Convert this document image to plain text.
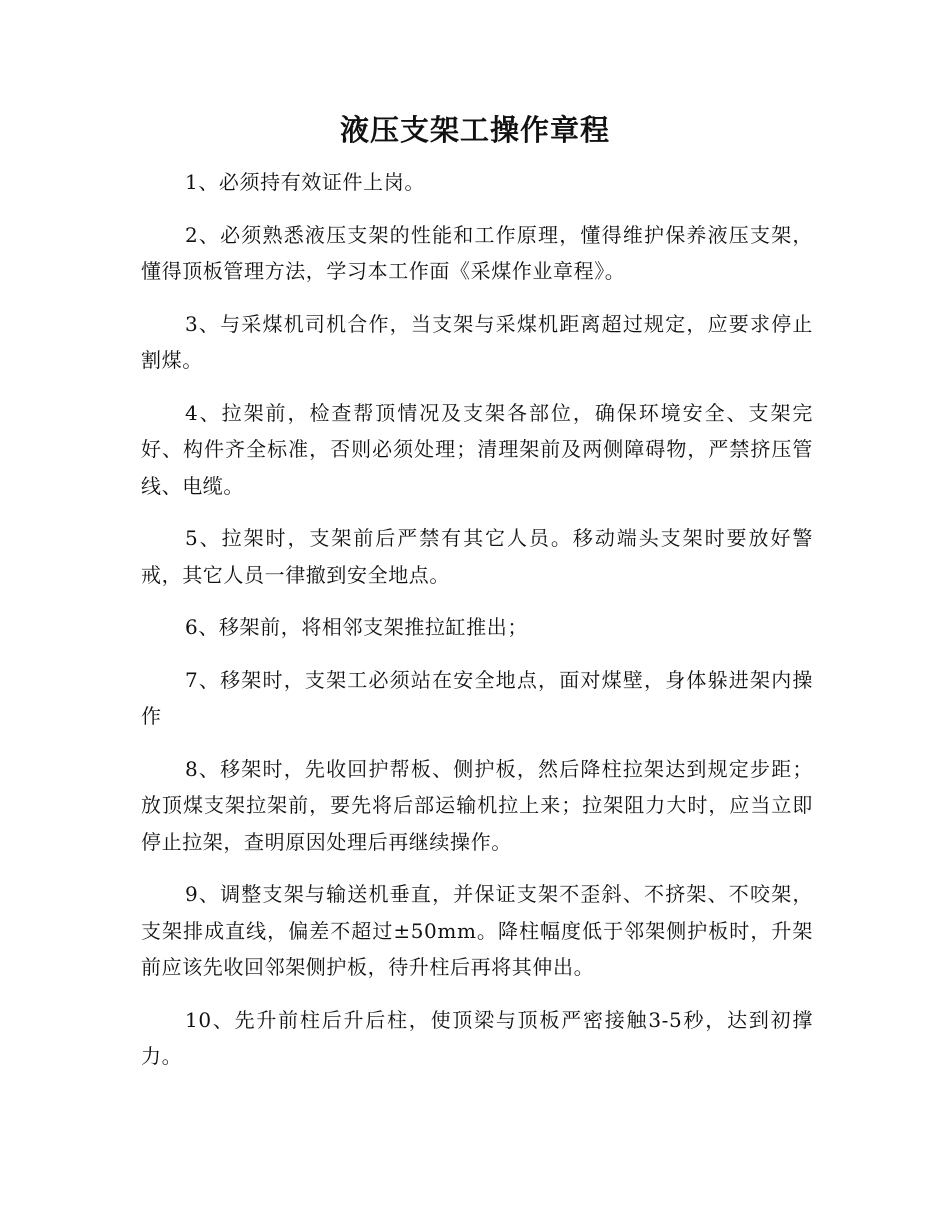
液压支架工操作章程

1、必须持有效证件上岗。

2、必须熟悉液压支架的性能和工作原理，懂得维护保养液压支架，懂得顶板管理方法，学习本工作面《采煤作业章程》。

3、与采煤机司机合作，当支架与采煤机距离超过规定，应要求停止割煤。

4、拉架前，检查帮顶情况及支架各部位，确保环境安全、支架完好、构件齐全标准，否则必须处理；清理架前及两侧障碍物，严禁挤压管线、电缆。

5、拉架时，支架前后严禁有其它人员。移动端头支架时要放好警戒，其它人员一律撤到安全地点。

6、移架前，将相邻支架推拉缸推出；

7、移架时，支架工必须站在安全地点，面对煤壁，身体躲进架内操作

8、移架时，先收回护帮板、侧护板，然后降柱拉架达到规定步距；放顶煤支架拉架前，要先将后部运输机拉上来；拉架阻力大时，应当立即停止拉架，查明原因处理后再继续操作。

9、调整支架与输送机垂直，并保证支架不歪斜、不挤架、不咬架，支架排成直线，偏差不超过±50mm。降柱幅度低于邻架侧护板时，升架前应该先收回邻架侧护板，待升柱后再将其伸出。

10、先升前柱后升后柱，使顶梁与顶板严密接触3-5秒，达到初撑力。
